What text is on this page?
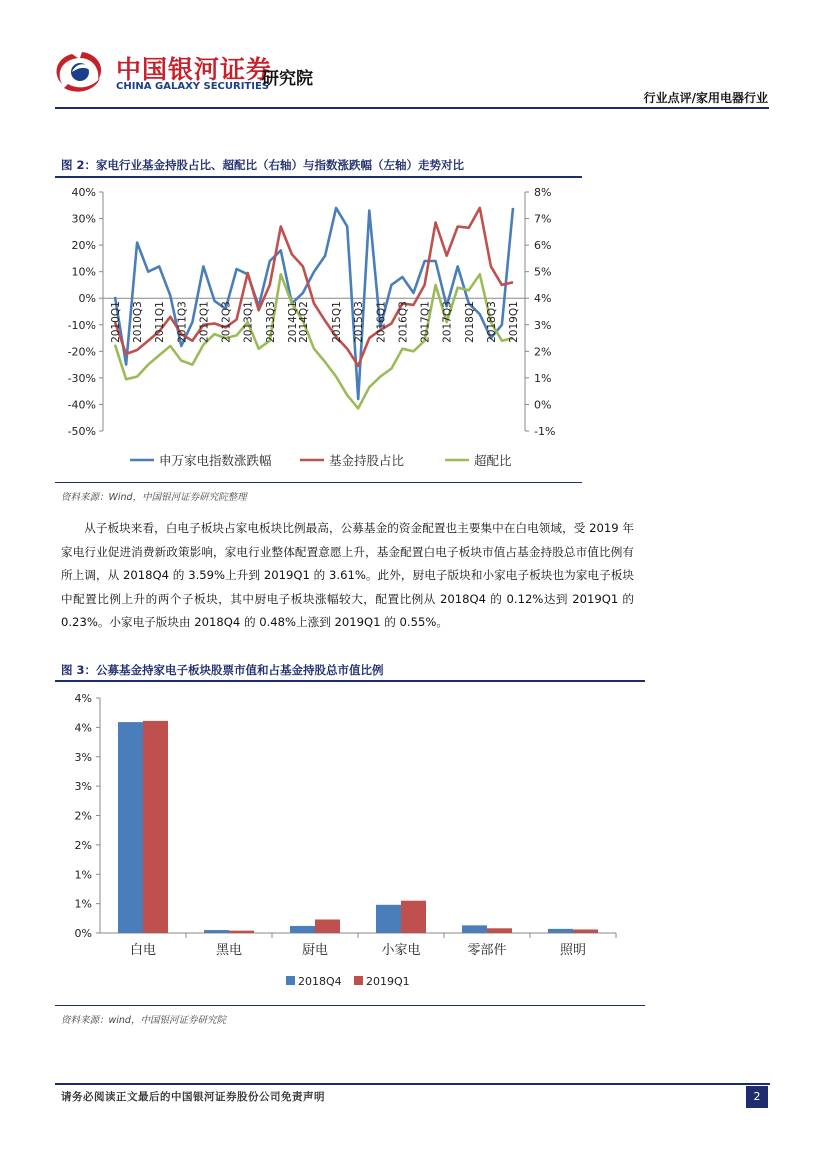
中国银河证券
CHINA GALAXY SECURITIES
研究院
行业点评/家用电器行业
图 2：家电行业基金持股占比、超配比（右轴）与指数涨跌幅（左轴）走势对比
40%
30%
20%
10%
0%
-10%
-20%
-30%
-40%
-50%
8%
7%
6%
5%
4%
3%
2%
1%
0%
-1%
2010Q1 2010Q3 2011Q1 2011Q3 2012Q1 2012Q3 2013Q1 2013Q3 2014Q1 2014Q2 2015Q1 2015Q3 2016Q1 2016Q3 2017Q1 2017Q3 2018Q1 2018Q3 2019Q1
申万家电指数涨跌幅	基金持股占比	超配比
资料来源：Wind，中国银河证券研究院整理
从子板块来看，白电子板块占家电板块比例最高，公募基金的资金配置也主要集中在白电领域，受 2019 年家电行业促进消费新政策影响，家电行业整体配置意愿上升，基金配置白电子板块市值占基金持股总市值比例有所上调，从 2018Q4 的 3.59%上升到 2019Q1 的 3.61%。此外，厨电子版块和小家电子板块也为家电子板块中配置比例上升的两个子板块，其中厨电子板块涨幅较大，配置比例从 2018Q4 的 0.12%达到 2019Q1 的 0.23%。小家电子版块由 2018Q4 的 0.48%上涨到 2019Q1 的 0.55%。
图 3：公募基金持家电子板块股票市值和占基金持股总市值比例
4%
4%
3%
3%
2%
2%
1%
1%
0%
白电	黑电	厨电	小家电	零部件	照明
2018Q4 2019Q1
资料来源：wind，中国银河证券研究院
请务必阅读正文最后的中国银河证券股份公司免责声明	2
